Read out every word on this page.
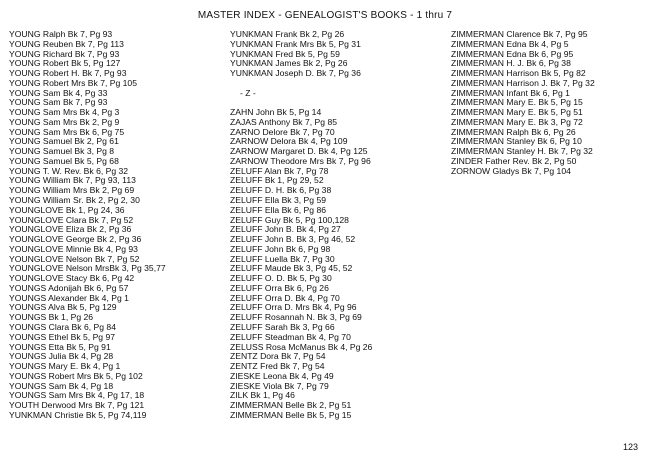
MASTER INDEX - GENEALOGIST'S BOOKS - 1 thru 7
YOUNG Ralph Bk 7, Pg 93
YOUNG Reuben Bk 7, Pg 113
YOUNG Richard Bk 7, Pg 93
YOUNG Robert Bk 5, Pg 127
YOUNG Robert H. Bk 7, Pg 93
YOUNG Robert Mrs Bk 7, Pg 105
YOUNG Sam Bk 4, Pg 33
YOUNG Sam Bk 7, Pg 93
YOUNG Sam Mrs Bk 4, Pg 3
YOUNG Sam Mrs Bk 2, Pg 9
YOUNG Sam Mrs Bk 6, Pg 75
YOUNG Samuel Bk 2, Pg 61
YOUNG Samuel Bk 3, Pg 8
YOUNG Samuel Bk 5, Pg 68
YOUNG T. W. Rev. Bk 6, Pg 32
YOUNG William Bk 7, Pg 93, 113
YOUNG William Mrs Bk 2, Pg 69
YOUNG William Sr. Bk 2, Pg 2, 30
YOUNGLOVE Bk 1, Pg 24, 36
YOUNGLOVE Clara Bk 7, Pg 52
YOUNGLOVE Eliza Bk 2, Pg 36
YOUNGLOVE George Bk 2, Pg 36
YOUNGLOVE Minnie Bk 4, Pg 93
YOUNGLOVE Nelson Bk 7, Pg 52
YOUNGLOVE Nelson MrsBk 3, Pg 35,77
YOUNGLOVE Stacy Bk 6, Pg 42
YOUNGS Adonijah Bk 6, Pg 57
YOUNGS Alexander Bk 4, Pg 1
YOUNGS Alva Bk 5, Pg 129
YOUNGS Bk 1, Pg 26
YOUNGS Clara Bk 6, Pg 84
YOUNGS Ethel Bk 5, Pg 97
YOUNGS Etta Bk 5, Pg 91
YOUNGS Julia Bk 4, Pg 28
YOUNGS Mary E. Bk 4, Pg 1
YOUNGS Robert Mrs Bk 5, Pg 102
YOUNGS Sam Bk 4, Pg 18
YOUNGS Sam Mrs Bk 4, Pg 17, 18
YOUTH Derwood Mrs Bk 7, Pg 121
YUNKMAN Christie Bk 5, Pg 74,119
YUNKMAN Frank Bk 2, Pg 26
YUNKMAN Frank Mrs Bk 5, Pg 31
YUNKMAN Fred Bk 5, Pg 59
YUNKMAN James Bk 2, Pg 26
YUNKMAN Joseph D. Bk 7, Pg 36
- Z -
ZAHN John Bk 5, Pg 14
ZAJAS Anthony Bk 7, Pg 85
ZARNO Delore Bk 7, Pg 70
ZARNOW Delora Bk 4, Pg 109
ZARNOW Margaret D. Bk 4, Pg 125
ZARNOW Theodore Mrs Bk 7, Pg 96
ZELUFF Alan Bk 7, Pg 78
ZELUFF Bk 1, Pg 29, 52
ZELUFF D. H. Bk 6, Pg 38
ZELUFF Ella Bk 3, Pg 59
ZELUFF Ella Bk 6, Pg 86
ZELUFF Guy Bk 5, Pg 100,128
ZELUFF John B. Bk 4, Pg 27
ZELUFF John B. Bk 3, Pg 46, 52
ZELUFF John Bk 6, Pg 98
ZELUFF Luella Bk 7, Pg 30
ZELUFF Maude Bk 3, Pg 45, 52
ZELUFF O. D. Bk 5, Pg 30
ZELUFF Orra Bk 6, Pg 26
ZELUFF Orra D. Bk 4, Pg 70
ZELUFF Orra D. Mrs Bk 4, Pg 96
ZELUFF Rosannah N. Bk 3, Pg 69
ZELUFF Sarah Bk 3, Pg 66
ZELUFF Steadman Bk 4, Pg 70
ZELUSS Rosa McManus Bk 4, Pg 26
ZENTZ Dora Bk 7, Pg 54
ZENTZ Fred Bk 7, Pg 54
ZIESKE Leona Bk 4, Pg 49
ZIESKE Viola Bk 7, Pg 79
ZILK Bk 1, Pg 46
ZIMMERMAN Belle Bk 2, Pg 51
ZIMMERMAN Belle Bk 5, Pg 15
ZIMMERMAN Clarence Bk 7, Pg 95
ZIMMERMAN Edna Bk 4, Pg 5
ZIMMERMAN Edna Bk 6, Pg 95
ZIMMERMAN H. J. Bk 6, Pg 38
ZIMMERMAN Harrison Bk 5, Pg 82
ZIMMERMAN Harrison J. Bk 7, Pg 32
ZIMMERMAN Infant Bk 6, Pg 1
ZIMMERMAN Mary E. Bk 5, Pg 15
ZIMMERMAN Mary E. Bk 5, Pg 51
ZIMMERMAN Mary E. Bk 3, Pg 72
ZIMMERMAN Ralph Bk 6, Pg 26
ZIMMERMAN Stanley Bk 6, Pg 10
ZIMMERMAN Stanley H. Bk 7, Pg 32
ZINDER Father Rev. Bk 2, Pg 50
ZORNOW Gladys Bk 7, Pg 104
123
